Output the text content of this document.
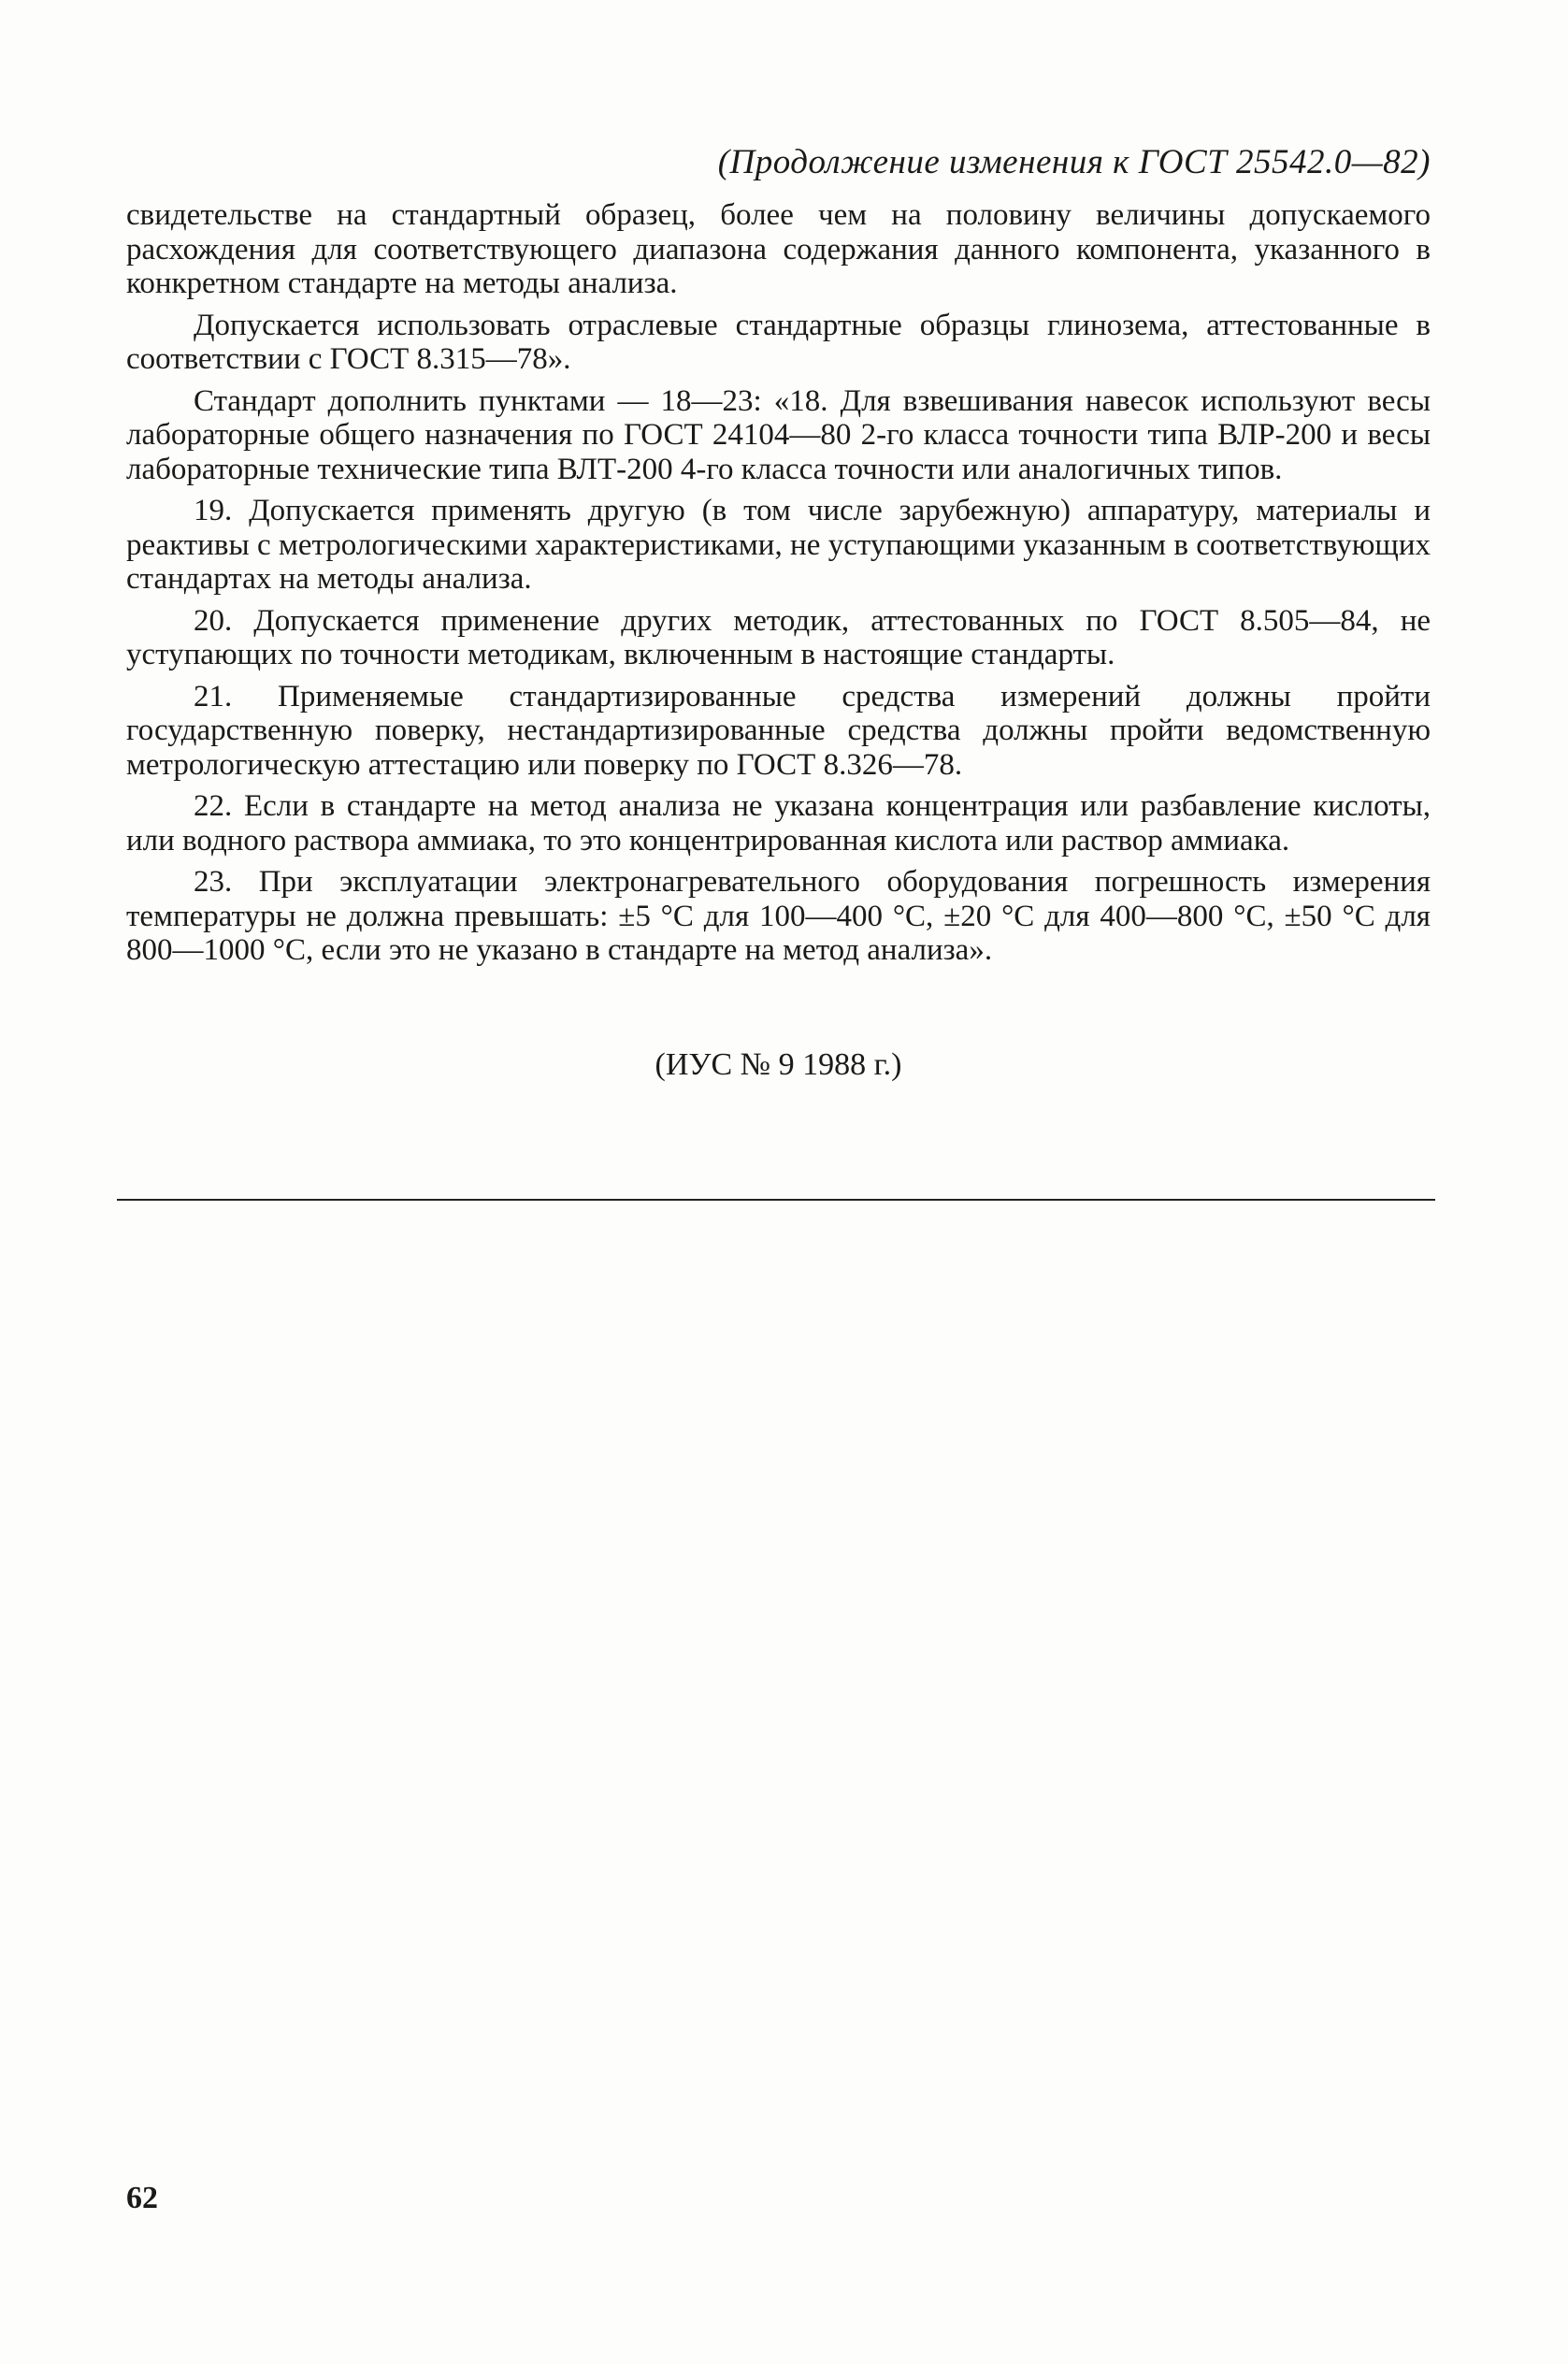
(Продолжение изменения к ГОСТ 25542.0—82)

свидетельстве на стандартный образец, более чем на половину величины допускаемого расхождения для соответствующего диапазона содержания данного компонента, указанного в конкретном стандарте на методы анализа.

Допускается использовать отраслевые стандартные образцы глинозема, аттестованные в соответствии с ГОСТ 8.315—78».

Стандарт дополнить пунктами — 18—23: «18. Для взвешивания навесок используют весы лабораторные общего назначения по ГОСТ 24104—80 2-го класса точности типа ВЛР-200 и весы лабораторные технические типа ВЛТ-200 4-го класса точности или аналогичных типов.

19. Допускается применять другую (в том числе зарубежную) аппаратуру, материалы и реактивы с метрологическими характеристиками, не уступающими указанным в соответствующих стандартах на методы анализа.

20. Допускается применение других методик, аттестованных по ГОСТ 8.505—84, не уступающих по точности методикам, включенным в настоящие стандарты.

21. Применяемые стандартизированные средства измерений должны пройти государственную поверку, нестандартизированные средства должны пройти ведомственную метрологическую аттестацию или поверку по ГОСТ 8.326—78.

22. Если в стандарте на метод анализа не указана концентрация или разбавление кислоты, или водного раствора аммиака, то это концентрированная кислота или раствор аммиака.

23. При эксплуатации электронагревательного оборудования погрешность измерения температуры не должна превышать: ±5 °С для 100—400 °С, ±20 °С для 400—800 °С, ±50 °С для 800—1000 °С, если это не указано в стандарте на метод анализа».

(ИУС № 9 1988 г.)

62
